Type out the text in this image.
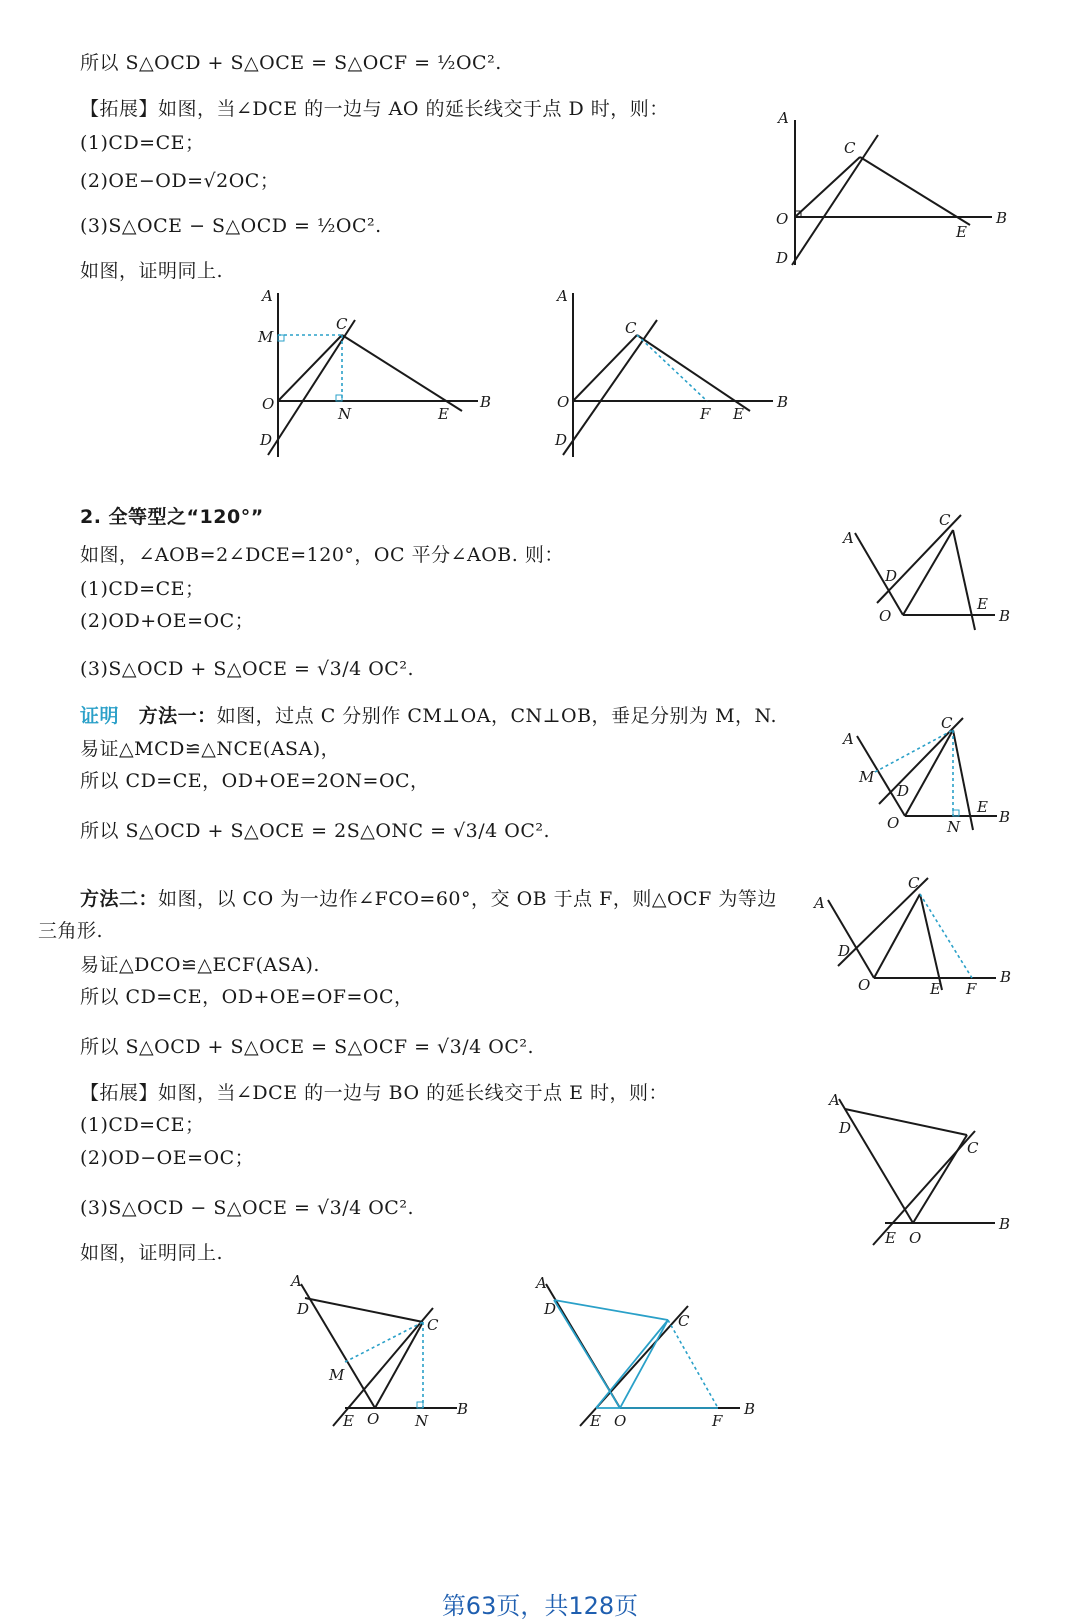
所以 S△OCD + S△OCE = S△OCF = ½OC².
【拓展】如图，当∠DCE 的一边与 AO 的延长线交于点 D 时，则：
(1)CD=CE；
(2)OE−OD=√2OC；
(3)S△OCE − S△OCD = ½OC².
如图，证明同上.
2. 全等型之“120°”
如图，∠AOB=2∠DCE=120°，OC 平分∠AOB. 则：
(1)CD=CE；
(2)OD+OE=OC；
(3)S△OCD + S△OCE = √3/4 OC².
证明 方法一：如图，过点 C 分别作 CM⊥OA，CN⊥OB，垂足分别为 M，N.
易证△MCD≌△NCE(ASA)，
所以 CD=CE，OD+OE=2ON=OC，
所以 S△OCD + S△OCE = 2S△ONC = √3/4 OC².
方法二：如图，以 CO 为一边作∠FCO=60°，交 OB 于点 F，则△OCF 为等边
三角形.
易证△DCO≌△ECF(ASA).
所以 CD=CE，OD+OE=OF=OC，
所以 S△OCD + S△OCE = S△OCF = √3/4 OC².
【拓展】如图，当∠DCE 的一边与 BO 的延长线交于点 E 时，则：
(1)CD=CE；
(2)OD−OE=OC；
(3)S△OCD − S△OCE = √3/4 OC².
如图，证明同上.
A
C
O	B
E
D
A
M
C
O
N	E
B
D
A
C
O
F E
B
D
A
C
D
O
E
B
A
C
M
D
O	N
E
B
A
C
D
O	E F
B
A
D
C
E O
B
A
D
C
M
E O N
B
A
D
C
E O	F
B
第63页，共128页
